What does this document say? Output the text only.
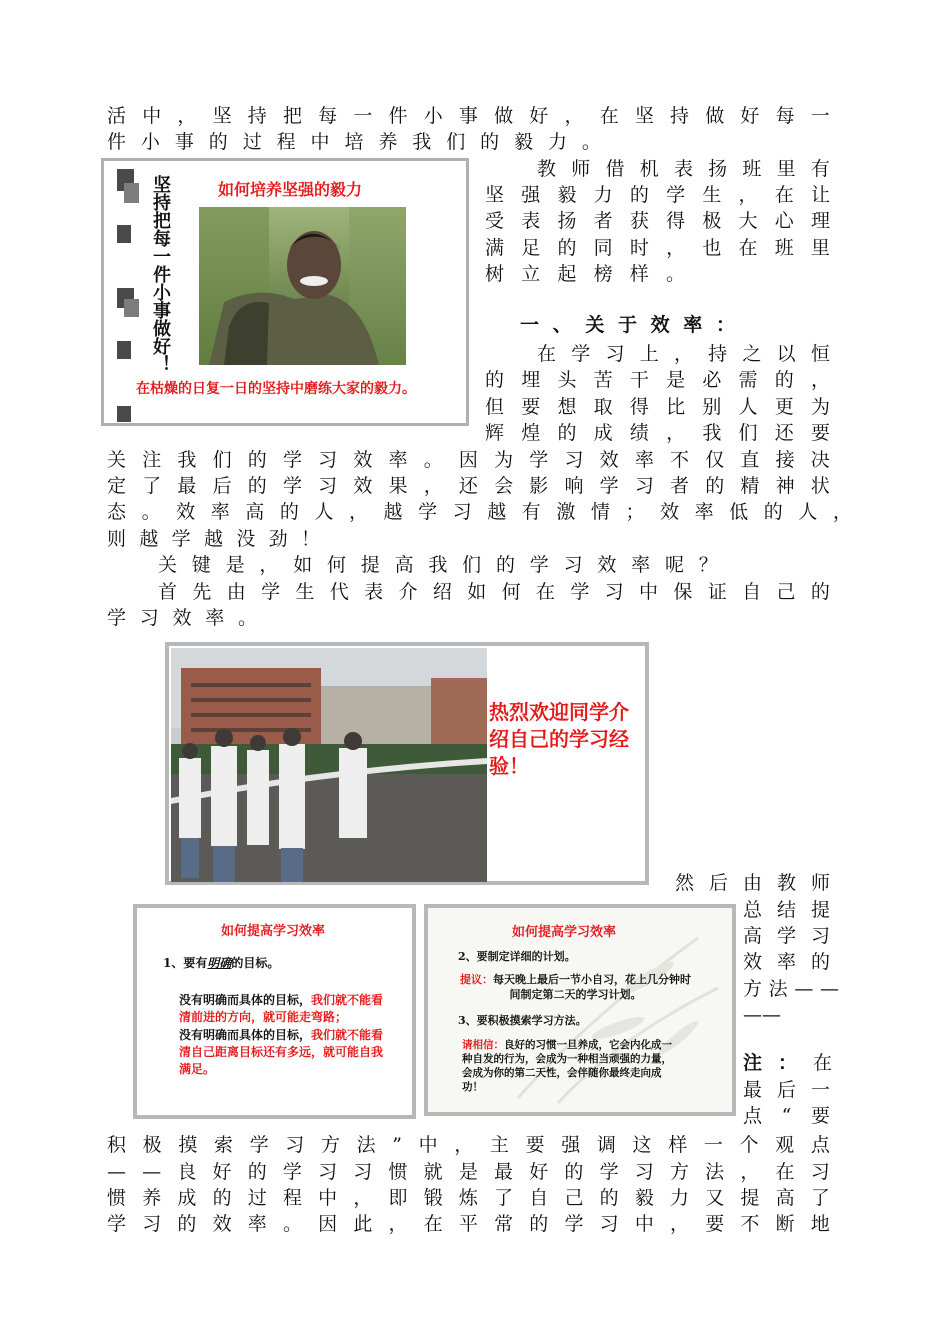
活 中 ， 坚 持 把 每 一 件 小 事 做 好 ， 在 坚 持 做 好 每 一
件 小 事 的 过 程 中 培 养 我 们 的 毅 力 。
教 师 借 机 表 扬 班 里 有
坚 强 毅 力 的 学 生 ， 在 让
受 表 扬 者 获 得 极 大 心 理
满 足 的 同 时 ， 也 在 班 里
树 立 起 榜 样 。
一 、 关 于 效 率 ：
在 学 习 上 ， 持 之 以 恒
的 埋 头 苦 干 是 必 需 的 ，
但 要 想 取 得 比 别 人 更 为
辉 煌 的 成 绩 ， 我 们 还 要
关 注 我 们 的 学 习 效 率 。 因 为 学 习 效 率 不 仅 直 接 决
定 了 最 后 的 学 习 效 果 ， 还 会 影 响 学 习 者 的 精 神 状
态 。 效 率 高 的 人 ， 越 学 习 越 有 激 情 ； 效 率 低 的 人 ，
则 越 学 越 没 劲 ！
关 键 是 ， 如 何 提 高 我 们 的 学 习 效 率 呢 ？
首 先 由 学 生 代 表 介 绍 如 何 在 学 习 中 保 证 自 己 的
学 习 效 率 。
然 后 由 教 师
总 结 提
高 学 习
效 率 的
方 法 — —
— —
注： 在
最 后 一
点 “ 要
积 极 摸 索 学 习 方 法 ” 中 ， 主 要 强 调 这 样 一 个 观 点
— — 良 好 的 学 习 习 惯 就 是 最 好 的 学 习 方 法 ， 在 习
惯 养 成 的 过 程 中 ， 即 锻 炼 了 自 己 的 毅 力 又 提 高 了
学 习 的 效 率 。 因 此 ， 在 平 常 的 学 习 中 ， 要 不 断 地
坚持把每一件小事做好！	如何培养坚强的毅力
在枯燥的日复一日的坚持中磨练大家的毅力。
热烈欢迎同学介绍自己的学习经验！
如何提高学习效率
1、要有明确的目标。
没有明确而具体的目标，我们就不能看清前进的方向，就可能走弯路；
没有明确而具体的目标，我们就不能看清自己距离目标还有多远，就可能自我满足。
如何提高学习效率
2、要制定详细的计划。
提议：每天晚上最后一节小自习，花上几分钟时间制定第二天的学习计划。
3、要积极摸索学习方法。
请相信：良好的习惯一旦养成，它会内化成一种自发的行为，会成为一种相当顽强的力量，会成为你的第二天性，会伴随你最终走向成功！
